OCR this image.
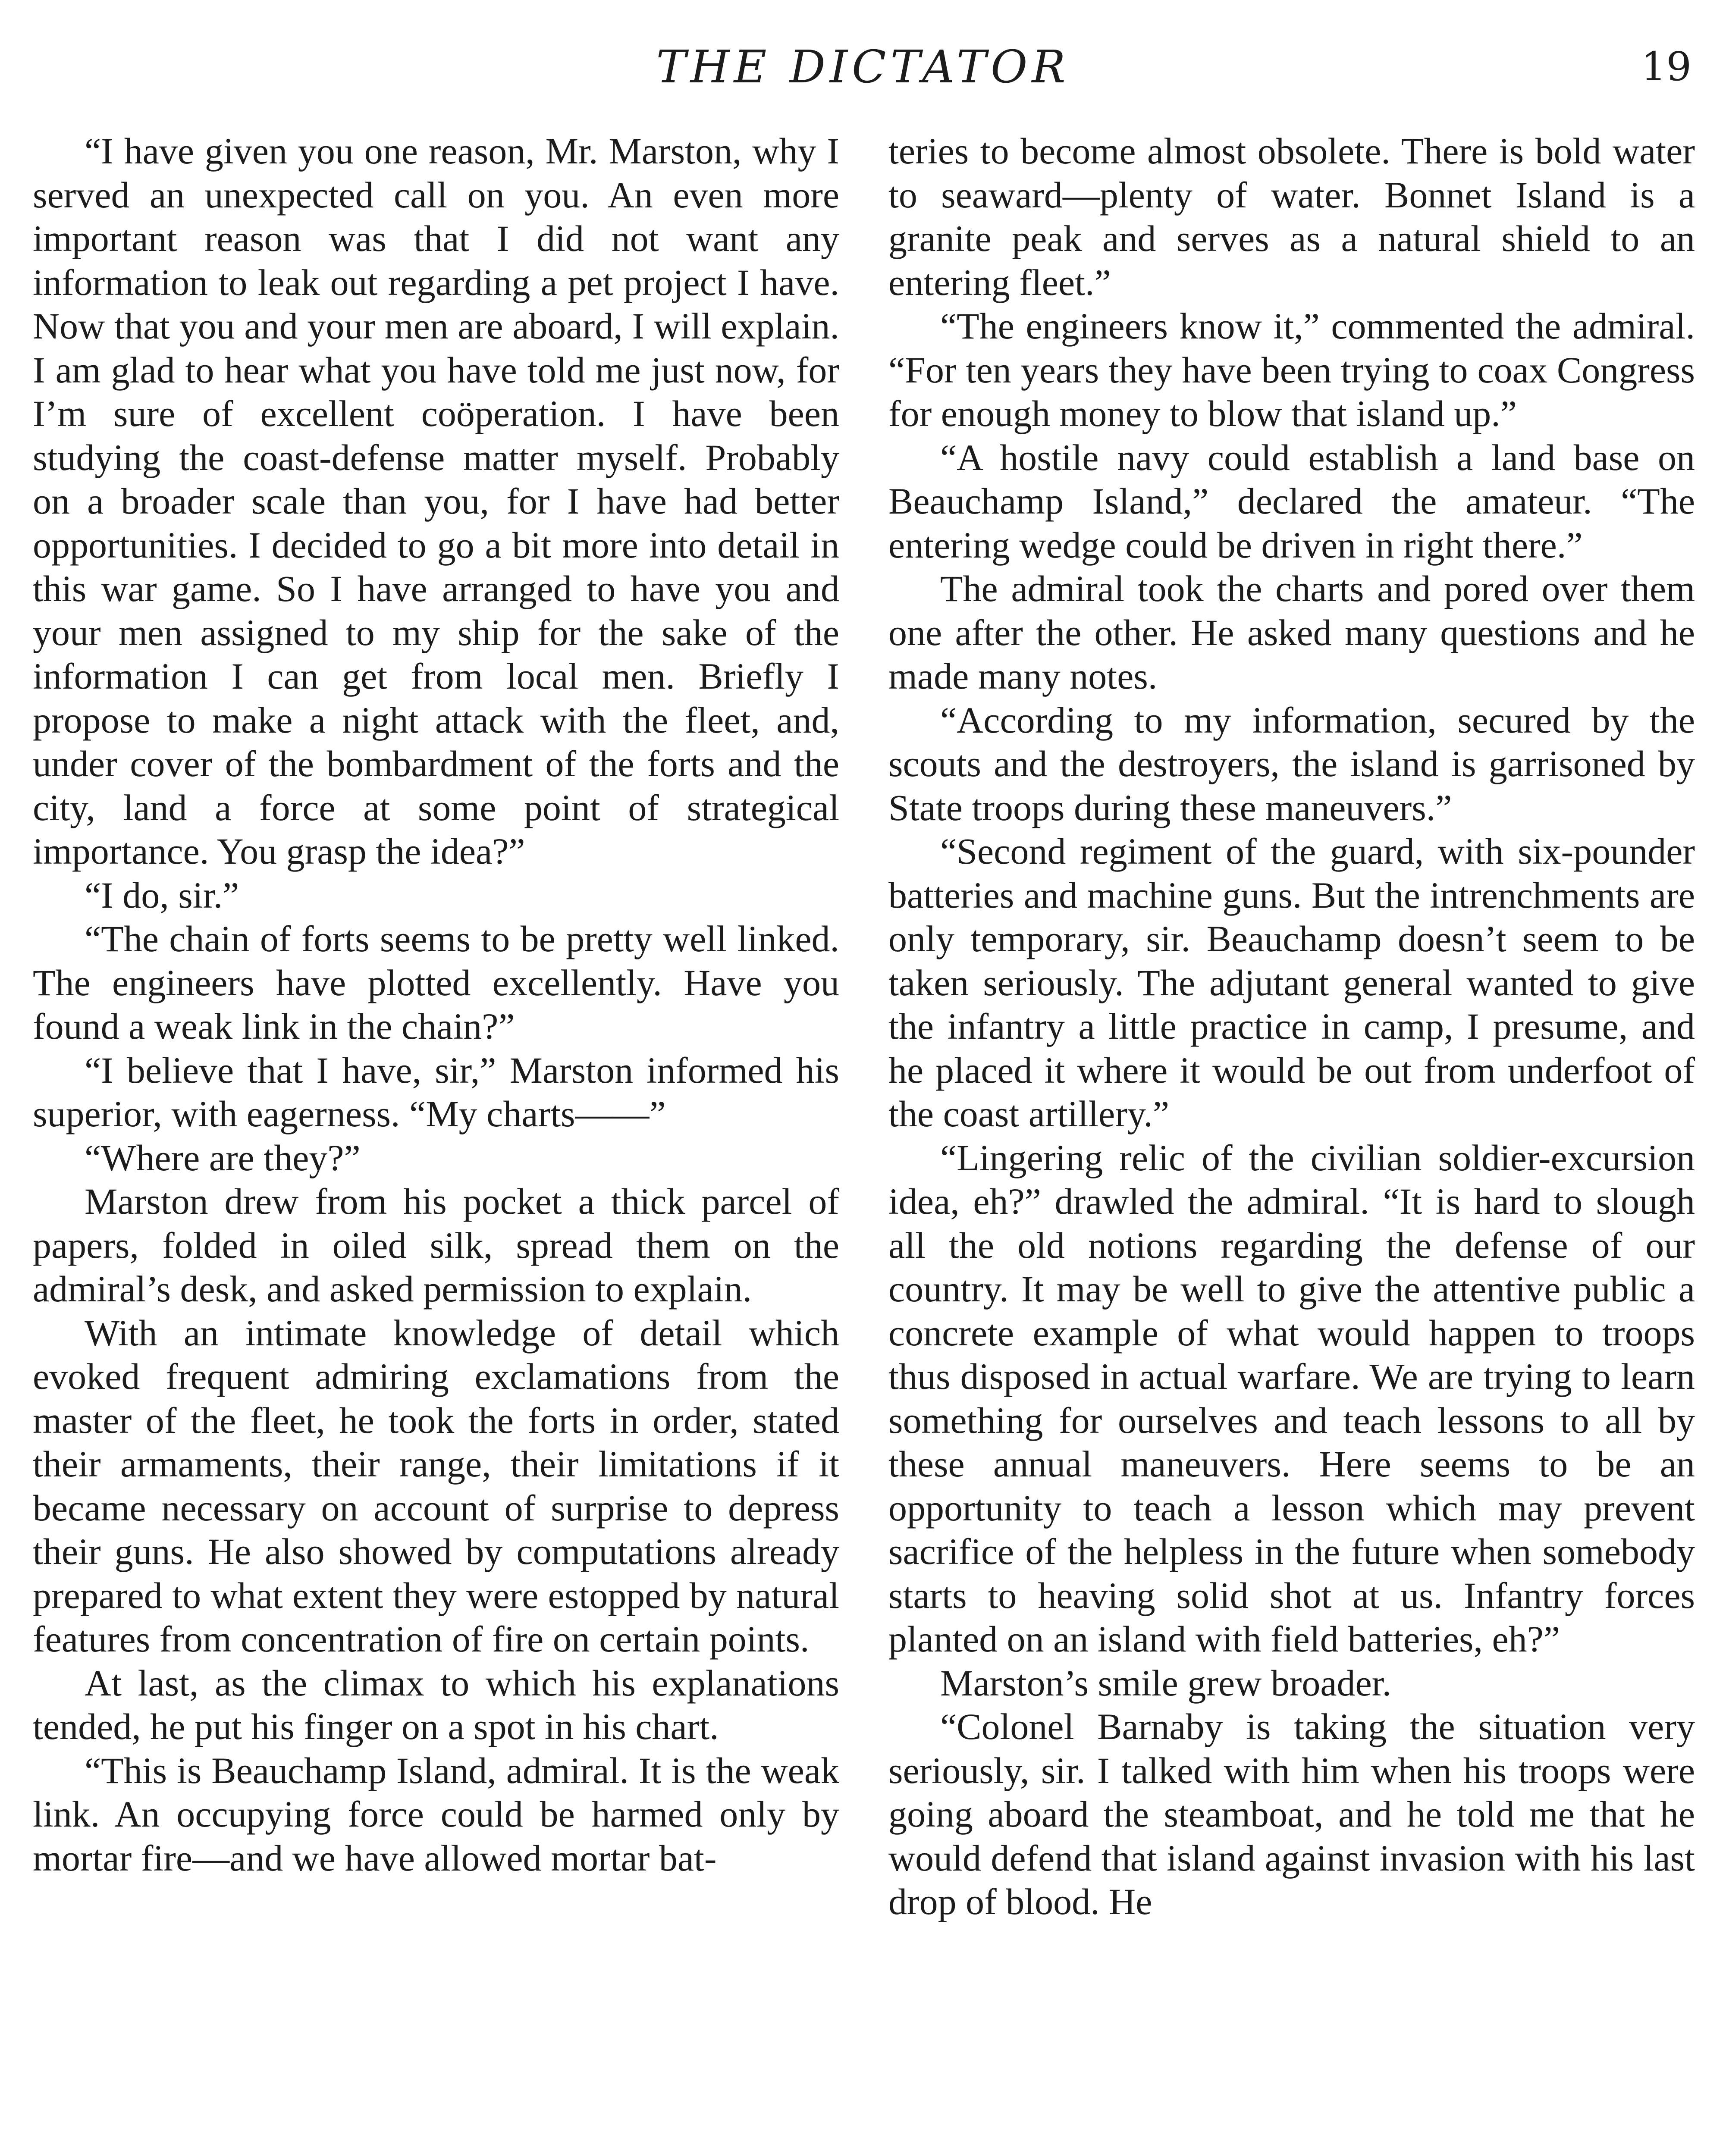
THE DICTATOR	19

“I have given you one reason, Mr. Marston, why I served an unexpected call on you. An even more important reason was that I did not want any information to leak out regarding a pet project I have. Now that you and your men are aboard, I will explain. I am glad to hear what you have told me just now, for I’m sure of excellent coöperation. I have been studying the coast-defense matter myself. Probably on a broader scale than you, for I have had better opportunities. I decided to go a bit more into detail in this war game. So I have arranged to have you and your men assigned to my ship for the sake of the information I can get from local men. Briefly I propose to make a night attack with the fleet, and, under cover of the bombardment of the forts and the city, land a force at some point of strategical importance. You grasp the idea?”

“I do, sir.”

“The chain of forts seems to be pretty well linked. The engineers have plotted excellently. Have you found a weak link in the chain?”

“I believe that I have, sir,” Marston informed his superior, with eagerness. “My charts——”

“Where are they?”

Marston drew from his pocket a thick parcel of papers, folded in oiled silk, spread them on the admiral’s desk, and asked permission to explain.

With an intimate knowledge of detail which evoked frequent admiring exclamations from the master of the fleet, he took the forts in order, stated their armaments, their range, their limitations if it became necessary on account of surprise to depress their guns. He also showed by computations already prepared to what extent they were estopped by natural features from concentration of fire on certain points.

At last, as the climax to which his explanations tended, he put his finger on a spot in his chart.

“This is Beauchamp Island, admiral. It is the weak link. An occupying force could be harmed only by mortar fire—and we have allowed mortar bat-

teries to become almost obsolete. There is bold water to seaward—plenty of water. Bonnet Island is a granite peak and serves as a natural shield to an entering fleet.”

“The engineers know it,” commented the admiral. “For ten years they have been trying to coax Congress for enough money to blow that island up.”

“A hostile navy could establish a land base on Beauchamp Island,” declared the amateur. “The entering wedge could be driven in right there.”

The admiral took the charts and pored over them one after the other. He asked many questions and he made many notes.

“According to my information, secured by the scouts and the destroyers, the island is garrisoned by State troops during these maneuvers.”

“Second regiment of the guard, with six-pounder batteries and machine guns. But the intrenchments are only temporary, sir. Beauchamp doesn’t seem to be taken seriously. The adjutant general wanted to give the infantry a little practice in camp, I presume, and he placed it where it would be out from underfoot of the coast artillery.”

“Lingering relic of the civilian soldier-excursion idea, eh?” drawled the admiral. “It is hard to slough all the old notions regarding the defense of our country. It may be well to give the attentive public a concrete example of what would happen to troops thus disposed in actual warfare. We are trying to learn something for ourselves and teach lessons to all by these annual maneuvers. Here seems to be an opportunity to teach a lesson which may prevent sacrifice of the helpless in the future when somebody starts to heaving solid shot at us. Infantry forces planted on an island with field batteries, eh?”

Marston’s smile grew broader.

“Colonel Barnaby is taking the situation very seriously, sir. I talked with him when his troops were going aboard the steamboat, and he told me that he would defend that island against invasion with his last drop of blood. He
